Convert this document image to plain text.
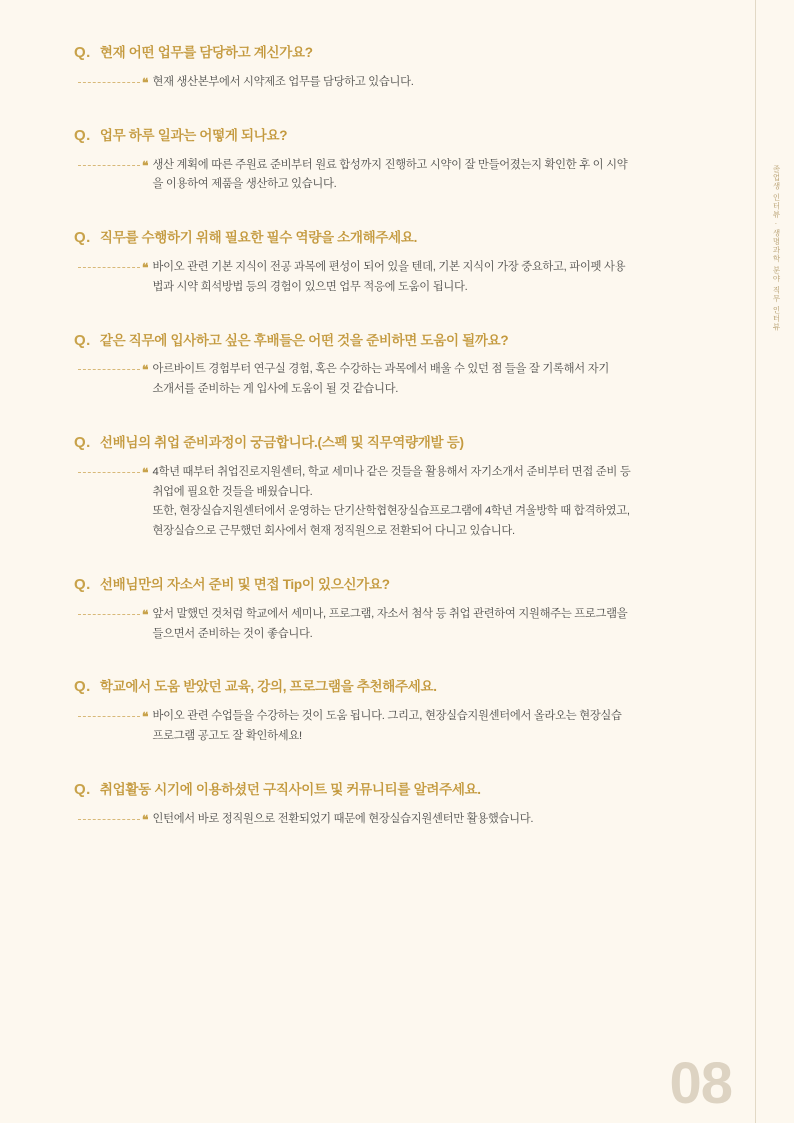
졸업생 인터뷰 · 생명과학 분야 직무 인터뷰
Q. 현재 어떤 업무를 담당하고 계신가요?
❝ 현재 생산본부에서 시약제조 업무를 담당하고 있습니다.
Q. 업무 하루 일과는 어떻게 되나요?
❝ 생산 계획에 따른 주원료 준비부터 원료 합성까지 진행하고 시약이 잘 만들어졌는지 확인한 후 이 시약
을 이용하여 제품을 생산하고 있습니다.
Q. 직무를 수행하기 위해 필요한 필수 역량을 소개해주세요.
❝ 바이오 관련 기본 지식이 전공 과목에 편성이 되어 있을 텐데, 기본 지식이 가장 중요하고, 파이펫 사용
법과 시약 희석방법 등의 경험이 있으면 업무 적응에 도움이 됩니다.
Q. 같은 직무에 입사하고 싶은 후배들은 어떤 것을 준비하면 도움이 될까요?
❝ 아르바이트 경험부터 연구실 경험, 혹은 수강하는 과목에서 배울 수 있던 점 들을 잘 기록해서 자기
소개서를 준비하는 게 입사에 도움이 될 것 같습니다.
Q. 선배님의 취업 준비과정이 궁금합니다.(스펙 및 직무역량개발 등)
❝ 4학년 때부터 취업진로지원센터, 학교 세미나 같은 것들을 활용해서 자기소개서 준비부터 면접 준비 등
취업에 필요한 것들을 배웠습니다.
또한, 현장실습지원센터에서 운영하는 단기산학협현장실습프로그램에 4학년 겨울방학 때 합격하였고,
현장실습으로 근무했던 회사에서 현재 정직원으로 전환되어 다니고 있습니다.
Q. 선배님만의 자소서 준비 및 면접 Tip이 있으신가요?
❝ 앞서 말했던 것처럼 학교에서 세미나, 프로그램, 자소서 첨삭 등 취업 관련하여 지원해주는 프로그램을
들으면서 준비하는 것이 좋습니다.
Q. 학교에서 도움 받았던 교육, 강의, 프로그램을 추천해주세요.
❝ 바이오 관련 수업들을 수강하는 것이 도움 됩니다. 그리고, 현장실습지원센터에서 올라오는 현장실습
프로그램 공고도 잘 확인하세요!
Q. 취업활동 시기에 이용하셨던 구직사이트 및 커뮤니티를 알려주세요.
❝ 인턴에서 바로 정직원으로 전환되었기 때문에 현장실습지원센터만 활용했습니다.
08
